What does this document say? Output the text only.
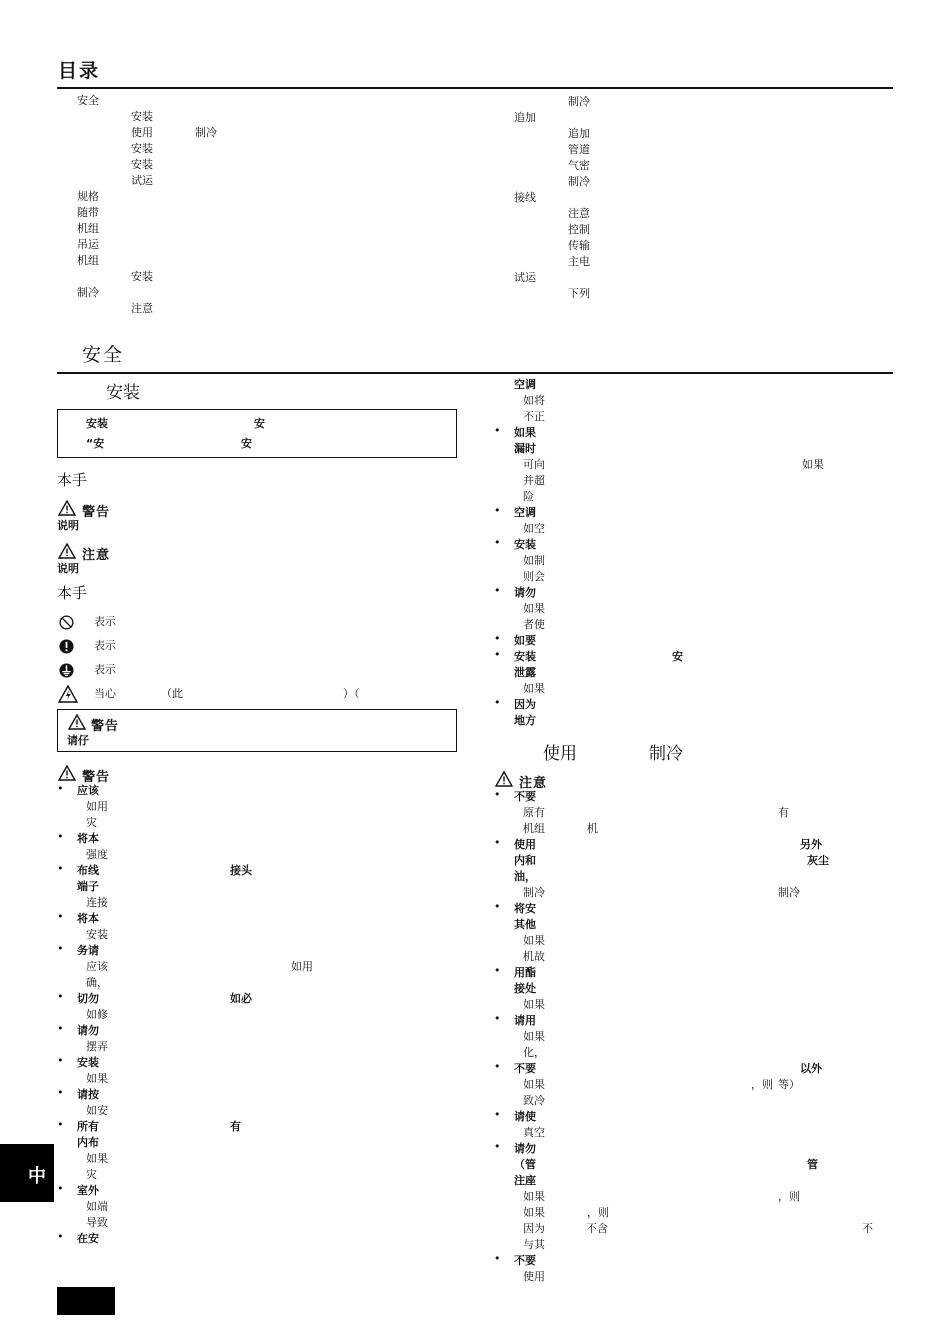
目录
安全
安装
使用	制冷
安装
安装
试运
规格
随带
机组
吊运
机组
安装
制冷
注意
制冷
追加
追加
管道
气密
制冷
接线
注意
控制
传输
主电
试运
下列
安全
安装
安装	安
“安	安
本手
警告
说明
注意
说明
本手
表示
表示
表示
当心	（此	）（
警告
请仔
警告
• 应该
如用
灾
• 将本
强度
• 布线	接头
端子
连接
• 将本
安装
• 务请
应该	如用
确，
• 切勿	如必
如修
• 请勿
摆弄
• 安装
如果
• 请按
如安
• 所有	有
内布
如果
灾
• 室外
如端
导致
• 在安
空调
如将
不正
• 如果
漏时
可向	如果
并超
险
• 空调
如空
• 安装
如制
则会
• 请勿
如果
者使
• 如要
• 安装	安
泄露
如果
• 因为
地方
使用	制冷
注意
• 不要
原有	有
机组	机
• 使用	另外
内和	灰尘
油，
制冷	制冷
• 将安
其他
如果
机故
• 用酯
接处
如果
• 请用
如果
化，
• 不要	以外
如果	等）
，则
致冷
• 请使
真空
• 请勿
（管	管
注座
如果	，则
如果	，则
因为	不含	不
与其
• 不要
使用
中
